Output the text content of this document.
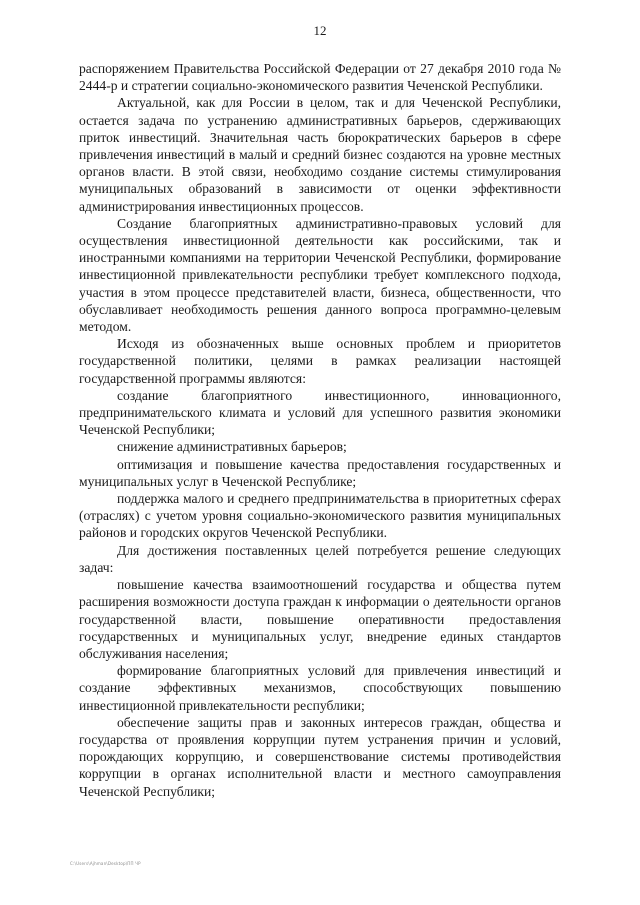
12

распоряжением Правительства Российской Федерации от 27 декабря 2010 года № 2444-р и стратегии социально-экономического развития Чеченской Республики.

Актуальной, как для России в целом, так и для Чеченской Республики, остается задача по устранению административных барьеров, сдерживающих приток инвестиций. Значительная часть бюрократических барьеров в сфере привлечения инвестиций в малый и средний бизнес создаются на уровне местных органов власти. В этой связи, необходимо создание системы стимулирования муниципальных образований в зависимости от оценки эффективности администрирования инвестиционных процессов.

Создание благоприятных административно-правовых условий для осуществления инвестиционной деятельности как российскими, так и иностранными компаниями на территории Чеченской Республики, формирование инвестиционной привлекательности республики требует комплексного подхода, участия в этом процессе представителей власти, бизнеса, общественности, что обуславливает необходимость решения данного вопроса программно-целевым методом.

Исходя из обозначенных выше основных проблем и приоритетов государственной политики, целями в рамках реализации настоящей государственной программы являются:

создание благоприятного инвестиционного, инновационного, предпринимательского климата и условий для успешного развития экономики Чеченской Республики;

снижение административных барьеров;

оптимизация и повышение качества предоставления государственных и муниципальных услуг в Чеченской Республике;

поддержка малого и среднего предпринимательства в приоритетных сферах (отраслях) с учетом уровня социально-экономического развития муниципальных районов и городских округов Чеченской Республики.

Для достижения поставленных целей потребуется решение следующих задач:

повышение качества взаимоотношений государства и общества путем расширения возможности доступа граждан к информации о деятельности органов государственной власти, повышение оперативности предоставления государственных и муниципальных услуг, внедрение единых стандартов обслуживания населения;

формирование благоприятных условий для привлечения инвестиций и создание эффективных механизмов, способствующих повышению инвестиционной привлекательности республики;

обеспечение защиты прав и законных интересов граждан, общества и государства от проявления коррупции путем устранения причин и условий, порождающих коррупцию, и совершенствование системы противодействия коррупции в органах исполнительной власти и местного самоуправления Чеченской Республики;

C:\Users\Ajhman\Desktop\ПП ЧР
